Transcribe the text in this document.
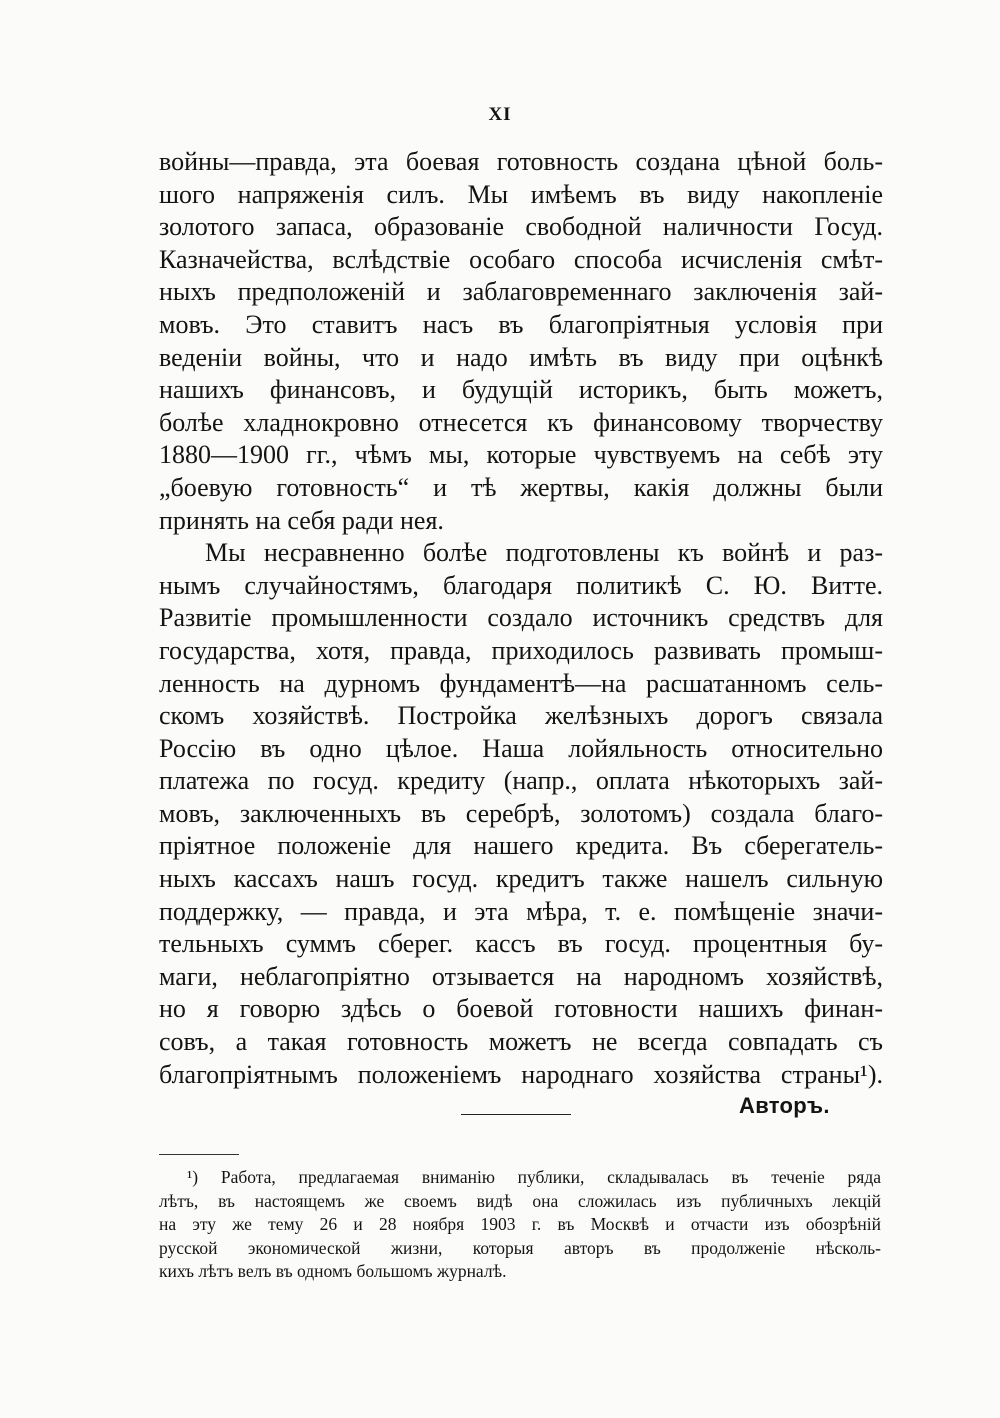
XI
войны—правда, эта боевая готовность создана цѣной боль-
шого напряженія силъ. Мы имѣемъ въ виду накопленіе
золотого запаса, образованіе свободной наличности Госуд.
Казначейства, вслѣдствіе особаго способа исчисленія смѣт-
ныхъ предположеній и заблаговременнаго заключенія зай-
мовъ. Это ставитъ насъ въ благопріятныя условія при
веденіи войны, что и надо имѣть въ виду при оцѣнкѣ
нашихъ финансовъ, и будущій историкъ, быть можетъ,
болѣе хладнокровно отнесется къ финансовому творчеству
1880—1900 гг., чѣмъ мы, которые чувствуемъ на себѣ эту
„боевую готовность“ и тѣ жертвы, какія должны были
принять на себя ради нея.
Мы несравненно болѣе подготовлены къ войнѣ и раз-
нымъ случайностямъ, благодаря политикѣ С. Ю. Витте.
Развитіе промышленности создало источникъ средствъ для
государства, хотя, правда, приходилось развивать промыш-
ленность на дурномъ фундаментѣ—на расшатанномъ сель-
скомъ хозяйствѣ. Постройка желѣзныхъ дорогъ связала
Россію въ одно цѣлое. Наша лойяльность относительно
платежа по госуд. кредиту (напр., оплата нѣкоторыхъ зай-
мовъ, заключенныхъ въ серебрѣ, золотомъ) создала благо-
пріятное положеніе для нашего кредита. Въ сберегатель-
ныхъ кассахъ нашъ госуд. кредитъ также нашелъ сильную
поддержку, — правда, и эта мѣра, т. е. помѣщеніе значи-
тельныхъ суммъ сберег. кассъ въ госуд. процентныя бу-
маги, неблагопріятно отзывается на народномъ хозяйствѣ,
но я говорю здѣсь о боевой готовности нашихъ финан-
совъ, а такая готовность можетъ не всегда совпадать съ
благопріятнымъ положеніемъ народнаго хозяйства страны¹).
Авторъ.
¹) Работа, предлагаемая вниманію публики, складывалась въ теченіе ряда
лѣтъ, въ настоящемъ же своемъ видѣ она сложилась изъ публичныхъ лекцій
на эту же тему 26 и 28 ноября 1903 г. въ Москвѣ и отчасти изъ обозрѣній
русской экономической жизни, которыя авторъ въ продолженіе нѣсколь-
кихъ лѣтъ велъ въ одномъ большомъ журналѣ.
